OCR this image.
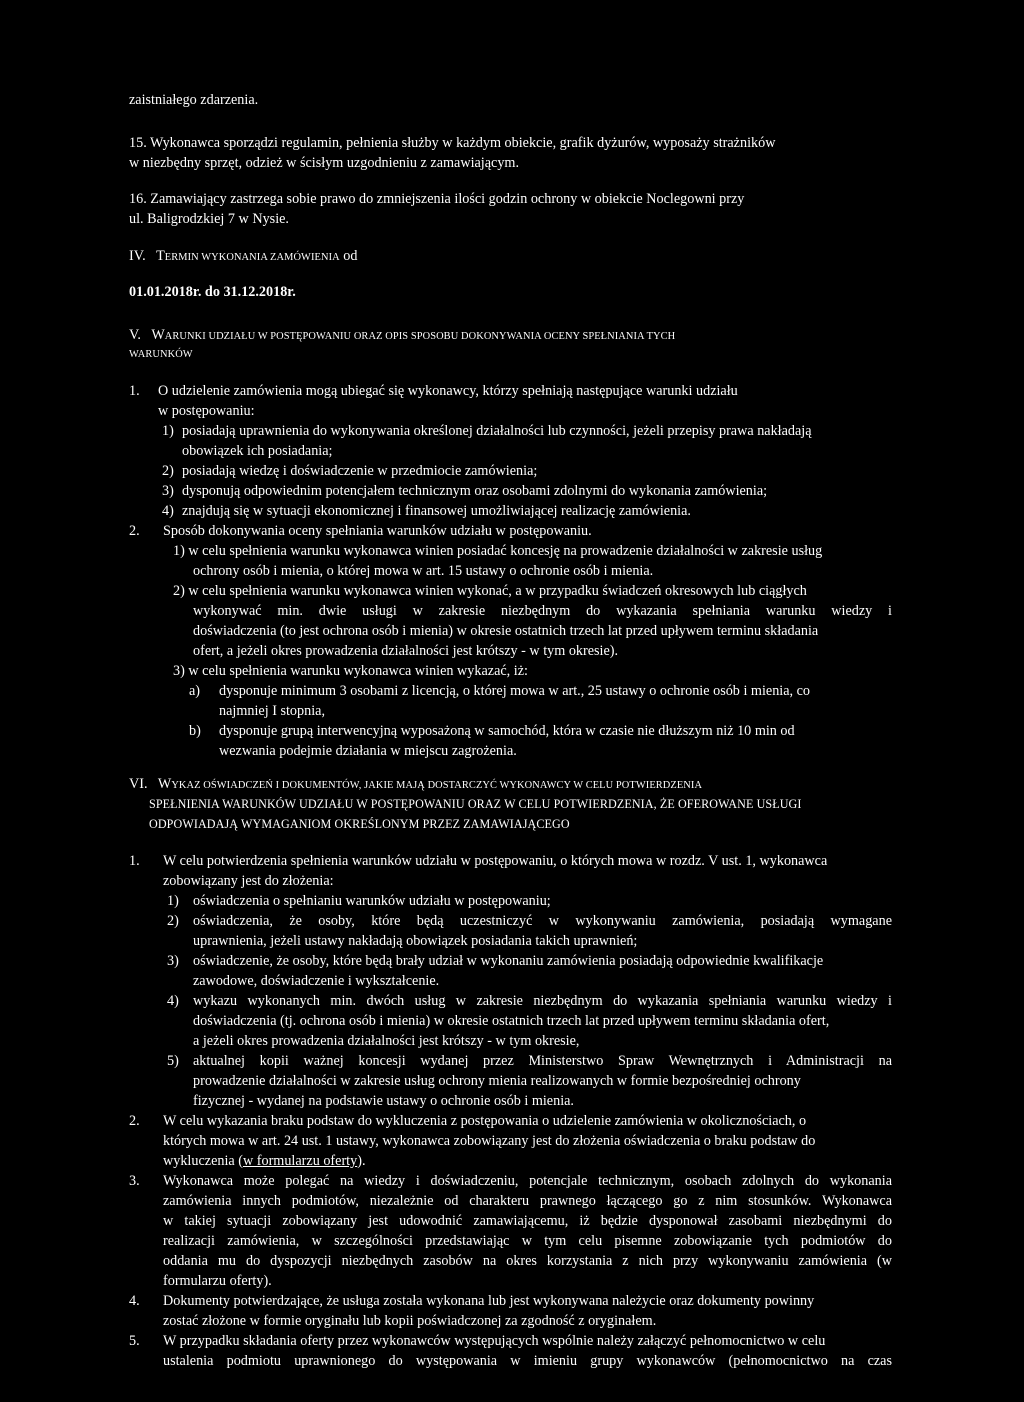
zaistniałego zdarzenia.
15. Wykonawca sporządzi regulamin, pełnienia służby w każdym obiekcie, grafik dyżurów, wyposaży strażników
w niezbędny sprzęt, odzież w ścisłym uzgodnieniu z zamawiającym.
16. Zamawiający zastrzega sobie prawo do zmniejszenia ilości godzin ochrony w obiekcie Noclegowni przy
ul. Baligrodzkiej 7 w Nysie.
IV. TERMIN WYKONANIA ZAMÓWIENIA od
01.01.2018r. do 31.12.2018r.
V. WARUNKI UDZIAŁU W POSTĘPOWANIU ORAZ OPIS SPOSOBU DOKONYWANIA OCENY SPEŁNIANIA TYCH
WARUNKÓW
1. O udzielenie zamówienia mogą ubiegać się wykonawcy, którzy spełniają następujące warunki udziału
w postępowaniu:
1) posiadają uprawnienia do wykonywania określonej działalności lub czynności, jeżeli przepisy prawa nakładają
obowiązek ich posiadania;
2) posiadają wiedzę i doświadczenie w przedmiocie zamówienia;
3) dysponują odpowiednim potencjałem technicznym oraz osobami zdolnymi do wykonania zamówienia;
4) znajdują się w sytuacji ekonomicznej i finansowej umożliwiającej realizację zamówienia.
2. Sposób dokonywania oceny spełniania warunków udziału w postępowaniu.
1) w celu spełnienia warunku wykonawca winien posiadać koncesję na prowadzenie działalności w zakresie usług
ochrony osób i mienia, o której mowa w art. 15 ustawy o ochronie osób i mienia.
2) w celu spełnienia warunku wykonawca winien wykonać, a w przypadku świadczeń okresowych lub ciągłych
wykonywać min. dwie usługi w zakresie niezbędnym do wykazania spełniania warunku wiedzy i
doświadczenia (to jest ochrona osób i mienia) w okresie ostatnich trzech lat przed upływem terminu składania
ofert, a jeżeli okres prowadzenia działalności jest krótszy - w tym okresie).
3) w celu spełnienia warunku wykonawca winien wykazać, iż:
a) dysponuje minimum 3 osobami z licencją, o której mowa w art., 25 ustawy o ochronie osób i mienia, co
najmniej I stopnia,
b) dysponuje grupą interwencyjną wyposażoną w samochód, która w czasie nie dłuższym niż 10 min od
wezwania podejmie działania w miejscu zagrożenia.
VI. WYKAZ OŚWIADCZEŃ I DOKUMENTÓW, JAKIE MAJĄ DOSTARCZYĆ WYKONAWCY W CELU POTWIERDZENIA
SPEŁNIENIA WARUNKÓW UDZIAŁU W POSTĘPOWANIU ORAZ W CELU POTWIERDZENIA, ŻE OFEROWANE USŁUGI
ODPOWIADAJĄ WYMAGANIOM OKREŚLONYM PRZEZ ZAMAWIAJĄCEGO
1. W celu potwierdzenia spełnienia warunków udziału w postępowaniu, o których mowa w rozdz. V ust. 1, wykonawca
zobowiązany jest do złożenia:
1) oświadczenia o spełnianiu warunków udziału w postępowaniu;
2) oświadczenia, że osoby, które będą uczestniczyć w wykonywaniu zamówienia, posiadają wymagane
uprawnienia, jeżeli ustawy nakładają obowiązek posiadania takich uprawnień;
3) oświadczenie, że osoby, które będą brały udział w wykonaniu zamówienia posiadają odpowiednie kwalifikacje
zawodowe, doświadczenie i wykształcenie.
4) wykazu wykonanych min. dwóch usług w zakresie niezbędnym do wykazania spełniania warunku wiedzy i
doświadczenia (tj. ochrona osób i mienia) w okresie ostatnich trzech lat przed upływem terminu składania ofert,
a jeżeli okres prowadzenia działalności jest krótszy - w tym okresie,
5) aktualnej kopii ważnej koncesji wydanej przez Ministerstwo Spraw Wewnętrznych i Administracji na
prowadzenie działalności w zakresie usług ochrony mienia realizowanych w formie bezpośredniej ochrony
fizycznej - wydanej na podstawie ustawy o ochronie osób i mienia.
2. W celu wykazania braku podstaw do wykluczenia z postępowania o udzielenie zamówienia w okolicznościach, o
których mowa w art. 24 ust. 1 ustawy, wykonawca zobowiązany jest do złożenia oświadczenia o braku podstaw do
wykluczenia (w formularzu oferty).
3. Wykonawca może polegać na wiedzy i doświadczeniu, potencjale technicznym, osobach zdolnych do wykonania
zamówienia innych podmiotów, niezależnie od charakteru prawnego łączącego go z nim stosunków. Wykonawca
w takiej sytuacji zobowiązany jest udowodnić zamawiającemu, iż będzie dysponował zasobami niezbędnymi do
realizacji zamówienia, w szczególności przedstawiając w tym celu pisemne zobowiązanie tych podmiotów do
oddania mu do dyspozycji niezbędnych zasobów na okres korzystania z nich przy wykonywaniu zamówienia (w
formularzu oferty).
4. Dokumenty potwierdzające, że usługa została wykonana lub jest wykonywana należycie oraz dokumenty powinny
zostać złożone w formie oryginału lub kopii poświadczonej za zgodność z oryginałem.
5. W przypadku składania oferty przez wykonawców występujących wspólnie należy załączyć pełnomocnictwo w celu
ustalenia podmiotu uprawnionego do występowania w imieniu grupy wykonawców (pełnomocnictwo na czas
